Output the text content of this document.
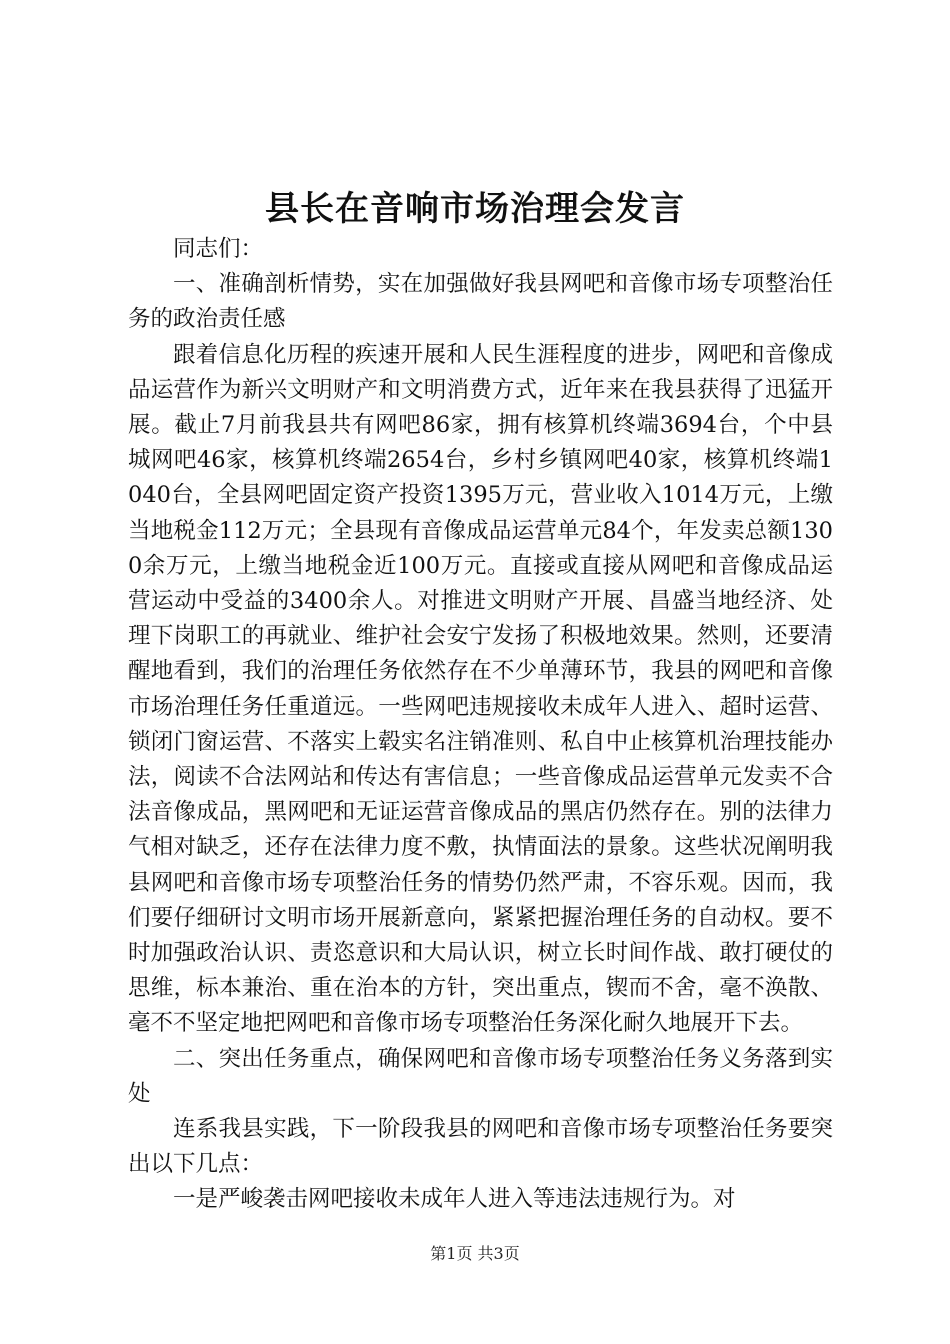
县长在音响市场治理会发言

同志们：

一、准确剖析情势，实在加强做好我县网吧和音像市场专项整治任务的政治责任感

跟着信息化历程的疾速开展和人民生涯程度的进步，网吧和音像成品运营作为新兴文明财产和文明消费方式，近年来在我县获得了迅猛开展。截止7月前我县共有网吧86家，拥有核算机终端3694台，个中县城网吧46家，核算机终端2654台，乡村乡镇网吧40家，核算机终端1040台，全县网吧固定资产投资1395万元，营业收入1014万元，上缴当地税金112万元；全县现有音像成品运营单元84个，年发卖总额1300余万元，上缴当地税金近100万元。直接或直接从网吧和音像成品运营运动中受益的3400余人。对推进文明财产开展、昌盛当地经济、处理下岗职工的再就业、维护社会安宁发扬了积极地效果。然则，还要清醒地看到，我们的治理任务依然存在不少单薄环节，我县的网吧和音像市场治理任务任重道远。一些网吧违规接收未成年人进入、超时运营、锁闭门窗运营、不落实上毂实名注销准则、私自中止核算机治理技能办法，阅读不合法网站和传达有害信息；一些音像成品运营单元发卖不合法音像成品，黑网吧和无证运营音像成品的黑店仍然存在。别的法律力气相对缺乏，还存在法律力度不敷，执情面法的景象。这些状况阐明我县网吧和音像市场专项整治任务的情势仍然严肃，不容乐观。因而，我们要仔细研讨文明市场开展新意向，紧紧把握治理任务的自动权。要不时加强政治认识、责恣意识和大局认识，树立长时间作战、敢打硬仗的思维，标本兼治、重在治本的方针，突出重点，锲而不舍，毫不涣散、毫不不坚定地把网吧和音像市场专项整治任务深化耐久地展开下去。

二、突出任务重点，确保网吧和音像市场专项整治任务义务落到实处

连系我县实践，下一阶段我县的网吧和音像市场专项整治任务要突出以下几点：

一是严峻袭击网吧接收未成年人进入等违法违规行为。对

第1页 共3页
